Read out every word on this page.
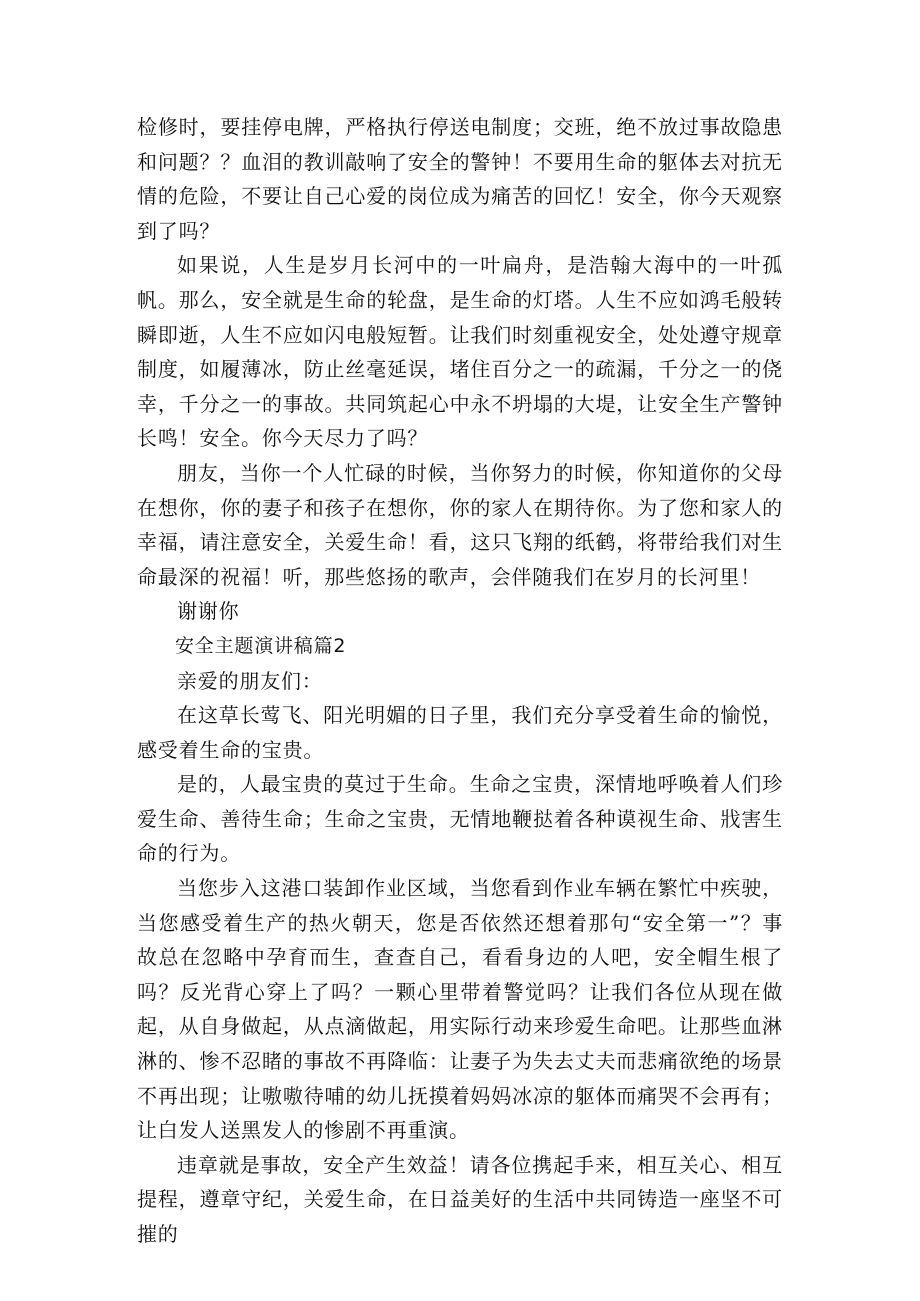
检修时，要挂停电牌，严格执行停送电制度；交班，绝不放过事故隐患和问题？？血泪的教训敲响了安全的警钟！不要用生命的躯体去对抗无情的危险，不要让自己心爱的岗位成为痛苦的回忆！安全，你今天观察到了吗？

如果说，人生是岁月长河中的一叶扁舟，是浩翰大海中的一叶孤帆。那么，安全就是生命的轮盘，是生命的灯塔。人生不应如鸿毛般转瞬即逝，人生不应如闪电般短暂。让我们时刻重视安全，处处遵守规章制度，如履薄冰，防止丝毫延误，堵住百分之一的疏漏，千分之一的侥幸，千分之一的事故。共同筑起心中永不坍塌的大堤，让安全生产警钟长鸣！安全。你今天尽力了吗？

朋友，当你一个人忙碌的时候，当你努力的时候，你知道你的父母在想你，你的妻子和孩子在想你，你的家人在期待你。为了您和家人的幸福，请注意安全，关爱生命！看，这只飞翔的纸鹤，将带给我们对生命最深的祝福！听，那些悠扬的歌声，会伴随我们在岁月的长河里！

谢谢你

安全主题演讲稿篇2

亲爱的朋友们：

在这草长莺飞、阳光明媚的日子里，我们充分享受着生命的愉悦，感受着生命的宝贵。

是的，人最宝贵的莫过于生命。生命之宝贵，深情地呼唤着人们珍爱生命、善待生命；生命之宝贵，无情地鞭挞着各种谟视生命、戕害生命的行为。

当您步入这港口装卸作业区域，当您看到作业车辆在繁忙中疾驶，当您感受着生产的热火朝天，您是否依然还想着那句“安全第一”？事故总在忽略中孕育而生，查查自己，看看身边的人吧，安全帽生根了吗？反光背心穿上了吗？一颗心里带着警觉吗？让我们各位从现在做起，从自身做起，从点滴做起，用实际行动来珍爱生命吧。让那些血淋淋的、惨不忍睹的事故不再降临：让妻子为失去丈夫而悲痛欲绝的场景不再出现；让嗷嗷待哺的幼儿抚摸着妈妈冰凉的躯体而痛哭不会再有；让白发人送黑发人的惨剧不再重演。

违章就是事故，安全产生效益！请各位携起手来，相互关心、相互提程，遵章守纪，关爱生命，在日益美好的生活中共同铸造一座坚不可摧的
